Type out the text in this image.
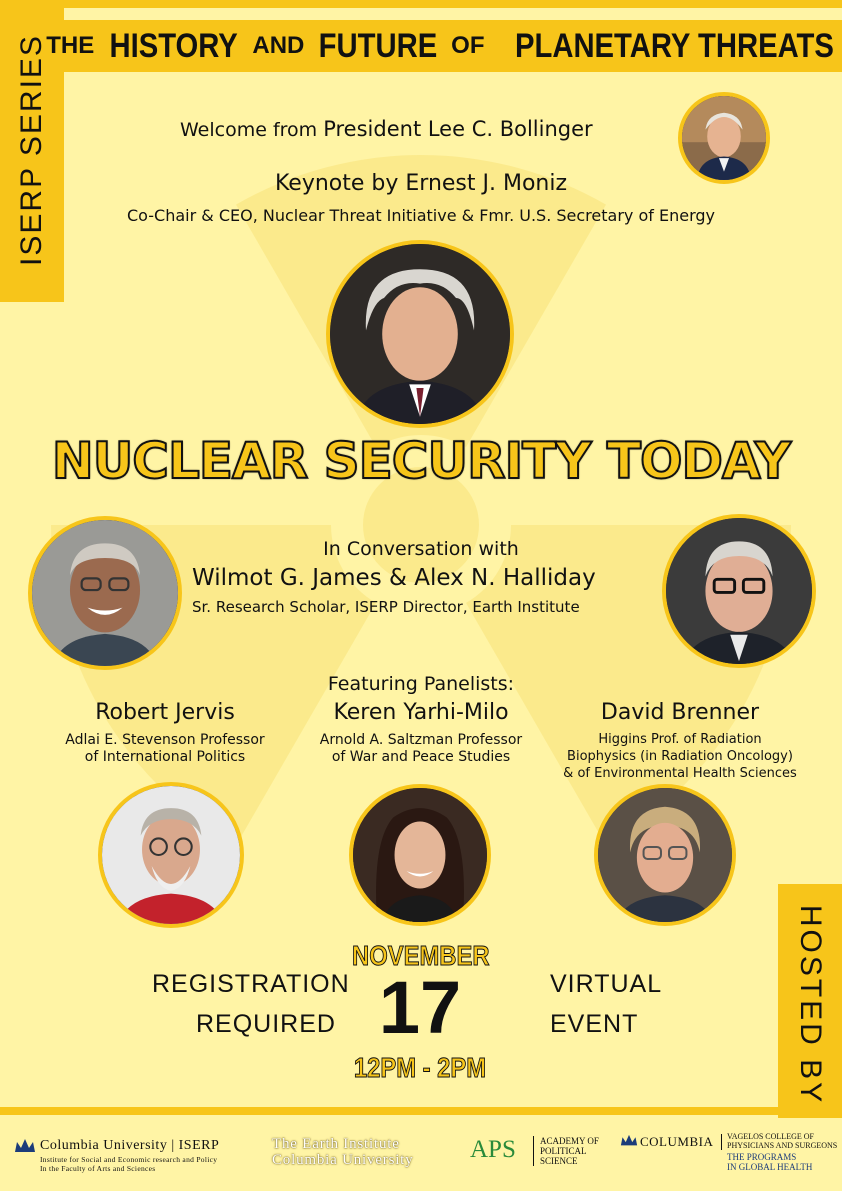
ISERP SERIES
THE
HISTORY
AND
FUTURE
OF
PLANETARY THREATS
Welcome from President Lee C. Bollinger
Keynote by Ernest J. Moniz
Co-Chair & CEO, Nuclear Threat Initiative & Fmr. U.S. Secretary of Energy
NUCLEAR SECURITY TODAY
In Conversation with
Wilmot G. James & Alex N. Halliday
Sr. Research Scholar, ISERP Director, Earth Institute
Featuring Panelists:
Robert Jervis
Adlai E. Stevenson Professor
of International Politics
Keren Yarhi-Milo
Arnold A. Saltzman Professor
of War and Peace Studies
David Brenner
Higgins Prof. of Radiation
Biophysics (in Radiation Oncology)
& of Environmental Health Sciences
REGISTRATION
REQUIRED
NOVEMBER
17
12PM - 2PM
VIRTUAL
EVENT	HOSTED BY
Columbia University | ISERP
Institute for Social and Economic research and Policy
In the Faculty of Arts and Sciences
The Earth Institute
Columbia University APS	ACADEMY OF
POLITICAL
SCIENCE
COLUMBIA VAGELOS COLLEGE OF
PHYSICIANS AND SURGEONS
THE PROGRAMS
IN GLOBAL HEALTH
